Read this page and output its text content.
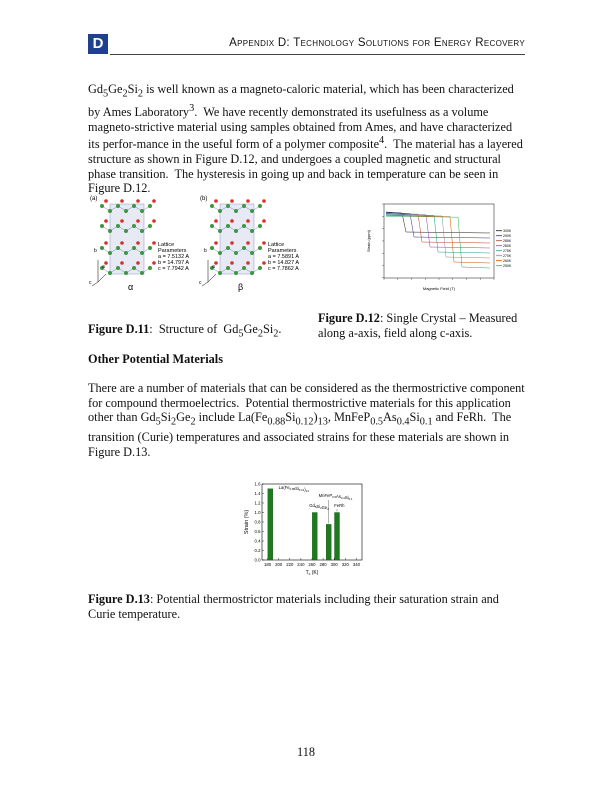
D	Appendix D: Technology Solutions for Energy Recovery

$Gd_5Ge_2Si_2$ is well known as a magneto-caloric material, which has been characterized by Ames Laboratory$^3$.  We have recently demonstrated its usefulness as a volume magneto-strictive material using samples obtained from Ames, and have characterized its perfor-mance in the useful form of a polymer composite$^4$.  The material has a layered structure as shown in Figure D.12, and undergoes a coupled magnetic and structural phase transition.  The hysteresis in going up and back in temperature can be seen in Figure D.12.

(a)
b
a
c
Lattice
Parameters
a = 7.5132 A
b = 14.797 A
c = 7.7942 A
α
(b)
b
a
c
Lattice
Parameters
a = 7.5891 A
b = 14.827 A
c = 7.7862 A
β
300K
290K
285K
280K
275K
270K
260K
250K
Magnetic Field (T)
Strain (ppm)
Figure D.11:  Structure of  $Gd_5Ge_2Si_2$.
Figure D.12: Single Crystal – Measured along a-axis, field along c-axis.
Other Potential Materials

There are a number of materials that can be considered as the thermostrictive component for compound thermoelectrics.  Potential thermostrictive materials for this application other than $Gd_5Si_2Ge_2$ include $La(Fe_{0.88}Si_{0.12})_{13}$, $MnFeP_{0.5}As_{0.4}Si_{0.1}$ and FeRh.  The transition (Curie) temperatures and associated strains for these materials are shown in Figure D.13.

0.0
0.2
0.4
0.6
0.8
1.0
1.2
1.4
1.6
180 200 220 240 260 280 300 320 340
$La(Fe_{0.88}Si_{0.12})_{13}$
$Gd_5Si_2Ge_2$
$MnFeP_{0.5}As_{0.4}Si_{0.1}$
FeRh
$T_c$ (K)
Strain (%)
Figure D.13: Potential thermostrictor materials including their saturation strain and Curie temperature.
118
